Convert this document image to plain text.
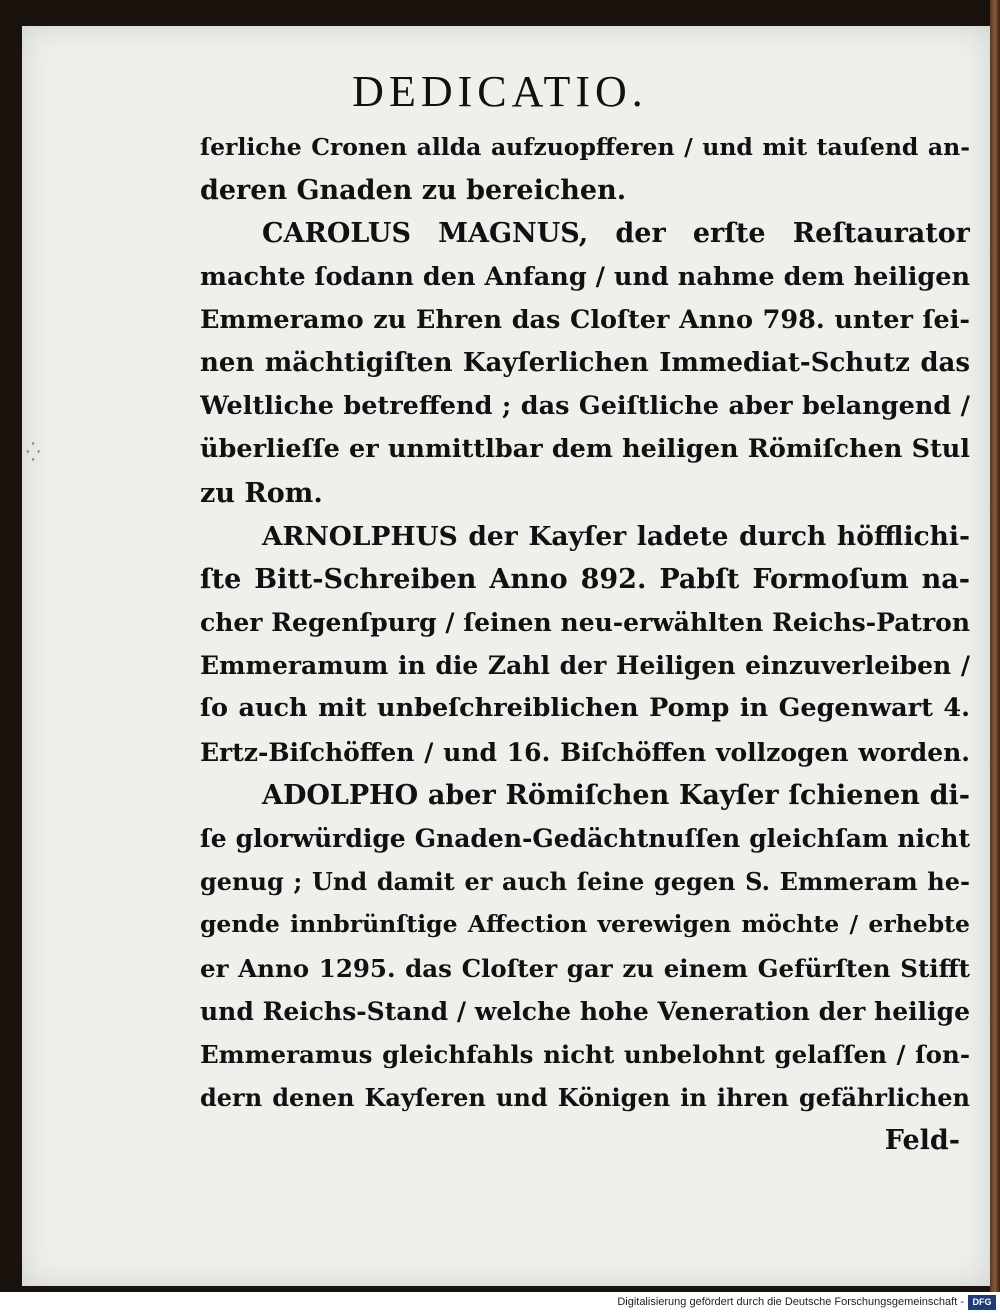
⁛
DEDICATIO.
ſerliche Cronen allda aufzuopfferen / und mit tauſend an-
deren Gnaden zu bereichen.
CAROLUS MAGNUS, der erſte Reſtaurator
machte ſodann den Anfang / und nahme dem heiligen
Emmeramo zu Ehren das Cloſter Anno 798. unter ſei-
nen mächtigiſten Kayſerlichen Immediat-Schutz das
Weltliche betreffend ; das Geiſtliche aber belangend /
überlieſſe er unmittlbar dem heiligen Römiſchen Stul
zu Rom.
ARNOLPHUS der Kayſer ladete durch höfflichi-
ſte Bitt-Schreiben Anno 892. Pabſt Formoſum na-
cher Regenſpurg / ſeinen neu-erwählten Reichs-Patron
Emmeramum in die Zahl der Heiligen einzuverleiben /
ſo auch mit unbeſchreiblichen Pomp in Gegenwart 4.
Ertz-Biſchöffen / und 16. Biſchöffen vollzogen worden.
ADOLPHO aber Römiſchen Kayſer ſchienen di-
ſe glorwürdige Gnaden-Gedächtnuſſen gleichſam nicht
genug ; Und damit er auch ſeine gegen S. Emmeram he-
gende innbrünſtige Affection verewigen möchte / erhebte
er Anno 1295. das Cloſter gar zu einem Gefürſten Stifft
und Reichs-Stand / welche hohe Veneration der heilige
Emmeramus gleichfahls nicht unbelohnt gelaſſen / ſon-
dern denen Kayſeren und Königen in ihren gefährlichen
Feld-
Digitalisierung gefördert durch die Deutsche Forschungsgemeinschaft - DFG
